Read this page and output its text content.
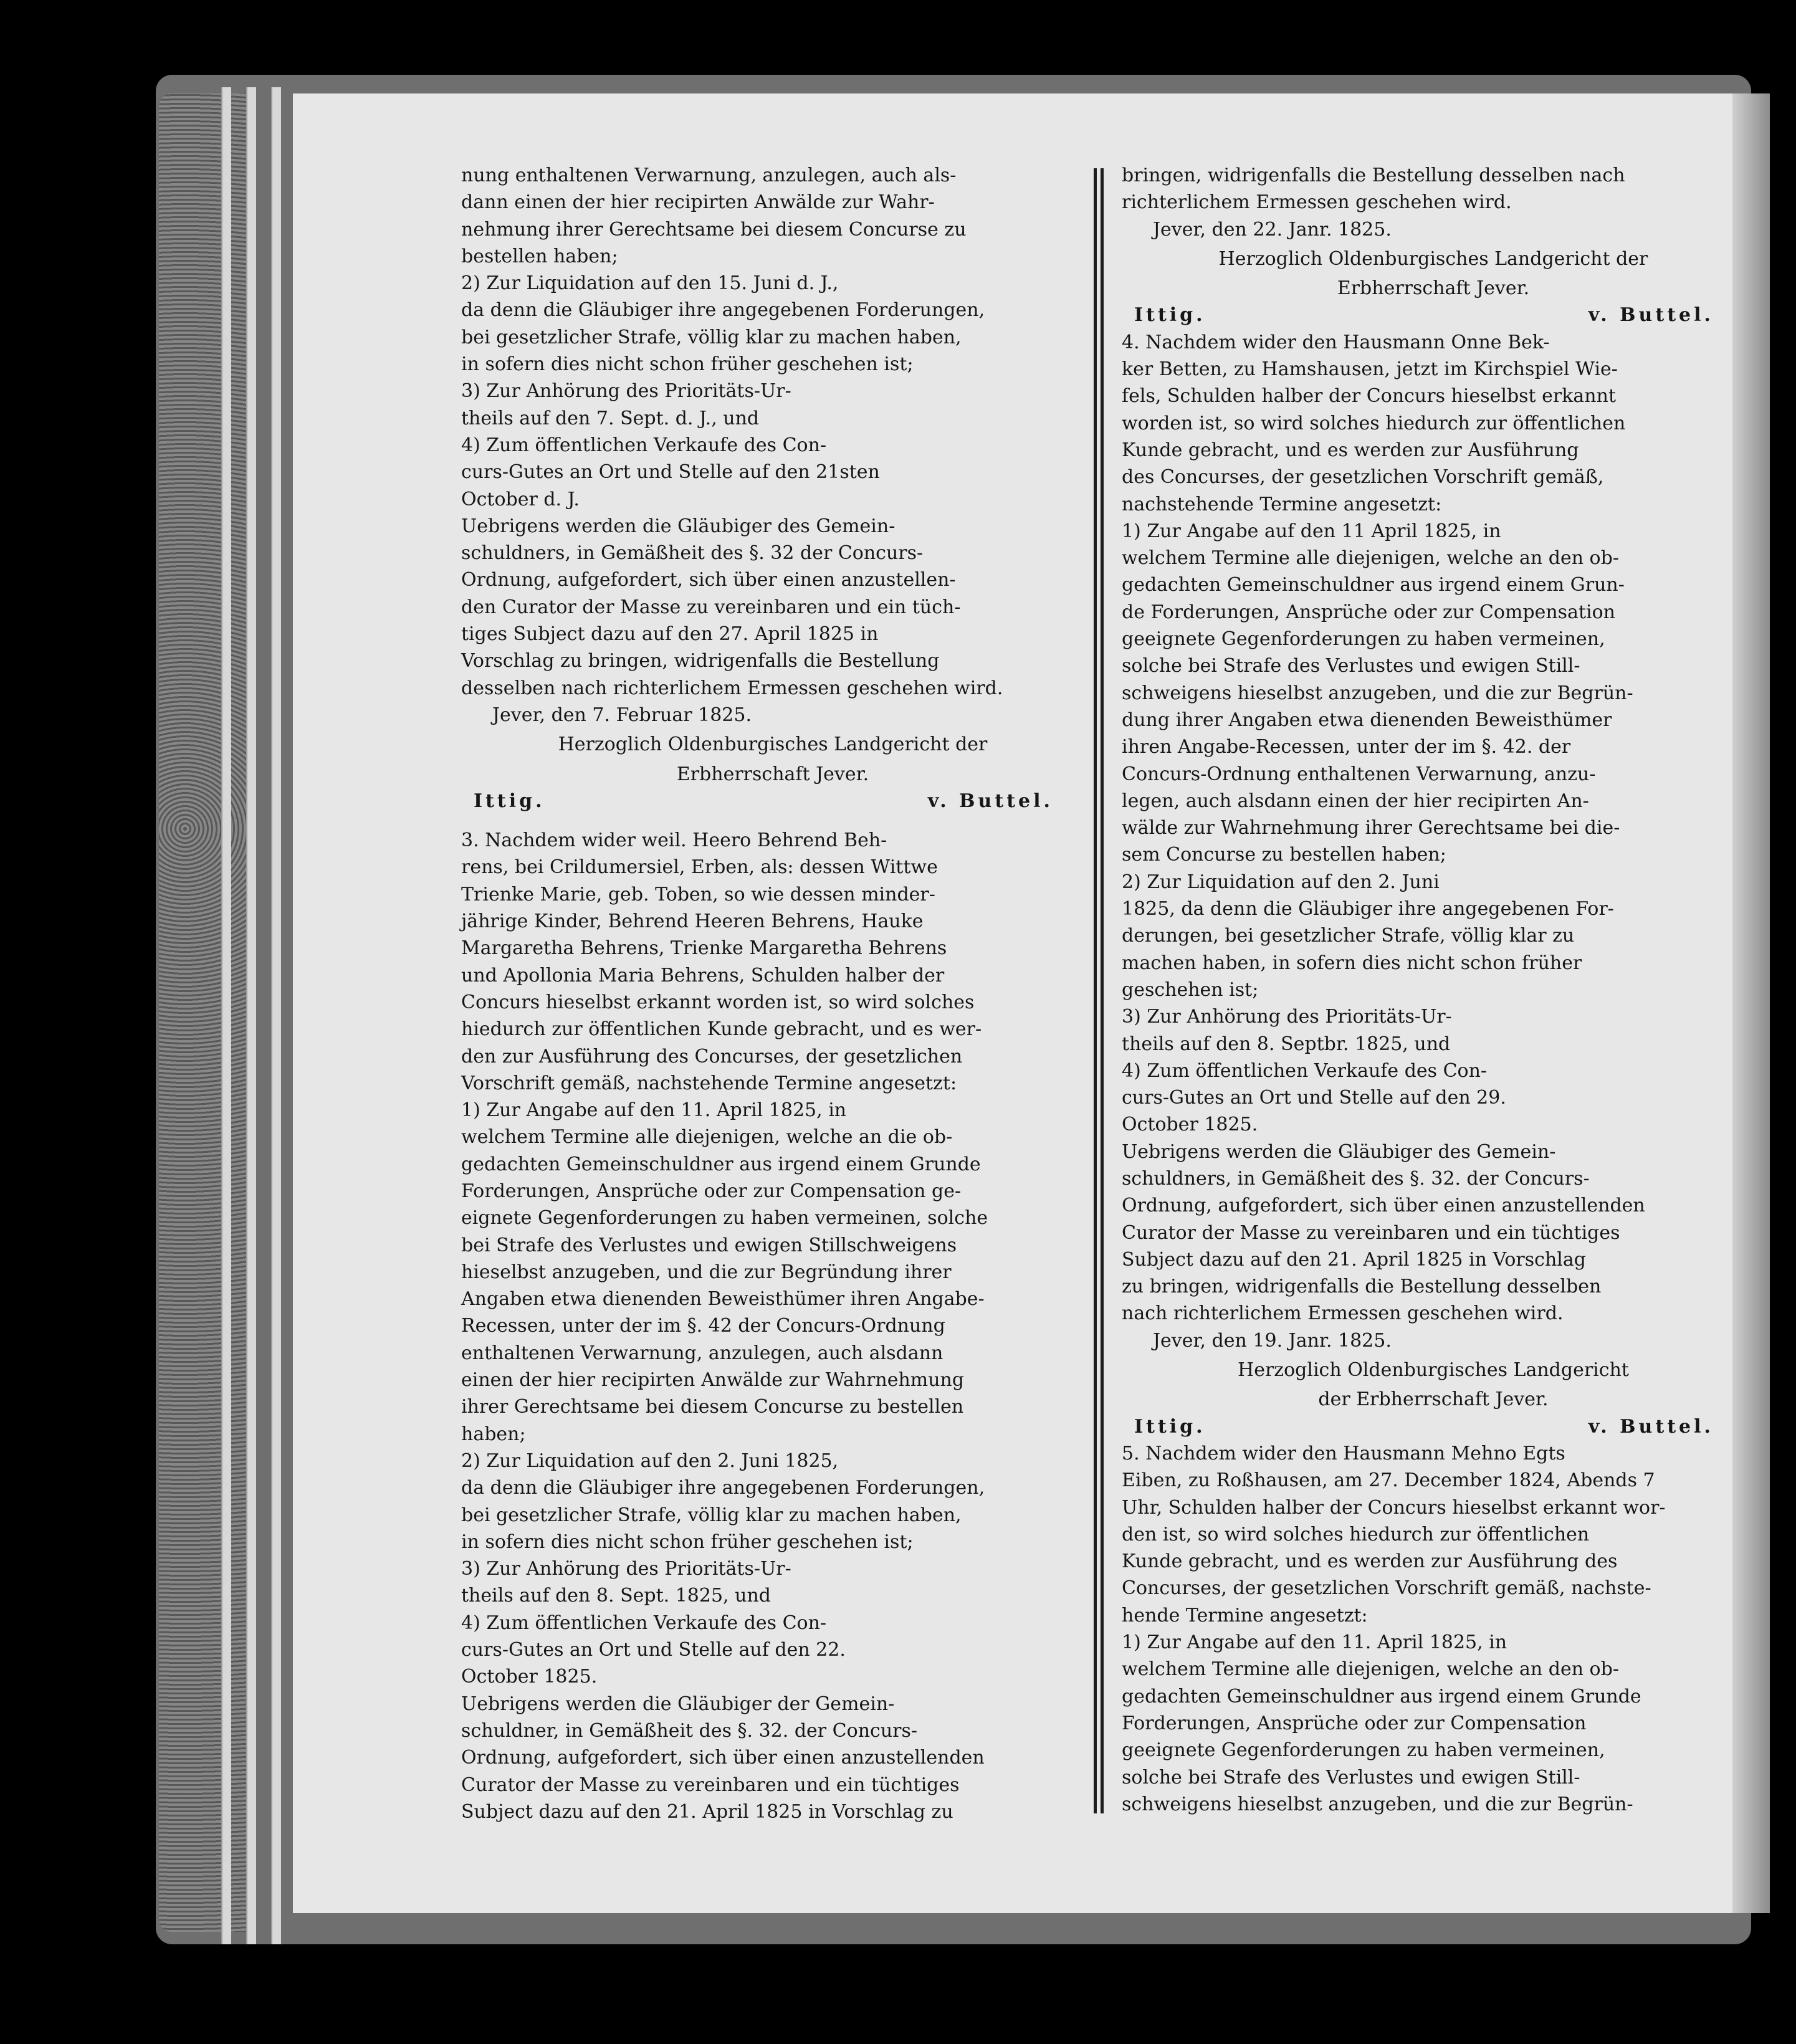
nung enthaltenen Verwarnung, anzulegen, auch als-

dann einen der hier recipirten Anwälde zur Wahr-

nehmung ihrer Gerechtsame bei diesem Concurse zu

bestellen haben;

2) Zur Liquidation auf den 15. Juni d. J.,

da denn die Gläubiger ihre angegebenen Forderungen,

bei gesetzlicher Strafe, völlig klar zu machen haben,

in sofern dies nicht schon früher geschehen ist;

3) Zur Anhörung des Prioritäts-Ur-

theils auf den 7. Sept. d. J., und

4) Zum öffentlichen Verkaufe des Con-

curs-Gutes an Ort und Stelle auf den 21sten

October d. J.

Uebrigens werden die Gläubiger des Gemein-

schuldners, in Gemäßheit des §. 32 der Concurs-

Ordnung, aufgefordert, sich über einen anzustellen-

den Curator der Masse zu vereinbaren und ein tüch-

tiges Subject dazu auf den 27. April 1825 in

Vorschlag zu bringen, widrigenfalls die Bestellung

desselben nach richterlichem Ermessen geschehen wird.

Jever, den 7. Februar 1825.

Herzoglich Oldenburgisches Landgericht der

Erbherrschaft Jever.

Ittig.	v. Buttel.

3. Nachdem wider weil. Heero Behrend Beh-

rens, bei Crildumersiel, Erben, als: dessen Wittwe

Trienke Marie, geb. Toben, so wie dessen minder-

jährige Kinder, Behrend Heeren Behrens, Hauke

Margaretha Behrens, Trienke Margaretha Behrens

und Apollonia Maria Behrens, Schulden halber der

Concurs hieselbst erkannt worden ist, so wird solches

hiedurch zur öffentlichen Kunde gebracht, und es wer-

den zur Ausführung des Concurses, der gesetzlichen

Vorschrift gemäß, nachstehende Termine angesetzt:

1) Zur Angabe auf den 11. April 1825, in

welchem Termine alle diejenigen, welche an die ob-

gedachten Gemeinschuldner aus irgend einem Grunde

Forderungen, Ansprüche oder zur Compensation ge-

eignete Gegenforderungen zu haben vermeinen, solche

bei Strafe des Verlustes und ewigen Stillschweigens

hieselbst anzugeben, und die zur Begründung ihrer

Angaben etwa dienenden Beweisthümer ihren Angabe-

Recessen, unter der im §. 42 der Concurs-Ordnung

enthaltenen Verwarnung, anzulegen, auch alsdann

einen der hier recipirten Anwälde zur Wahrnehmung

ihrer Gerechtsame bei diesem Concurse zu bestellen

haben;

2) Zur Liquidation auf den 2. Juni 1825,

da denn die Gläubiger ihre angegebenen Forderungen,

bei gesetzlicher Strafe, völlig klar zu machen haben,

in sofern dies nicht schon früher geschehen ist;

3) Zur Anhörung des Prioritäts-Ur-

theils auf den 8. Sept. 1825, und

4) Zum öffentlichen Verkaufe des Con-

curs-Gutes an Ort und Stelle auf den 22.

October 1825.

Uebrigens werden die Gläubiger der Gemein-

schuldner, in Gemäßheit des §. 32. der Concurs-

Ordnung, aufgefordert, sich über einen anzustellenden

Curator der Masse zu vereinbaren und ein tüchtiges

Subject dazu auf den 21. April 1825 in Vorschlag zu

bringen, widrigenfalls die Bestellung desselben nach

richterlichem Ermessen geschehen wird.

Jever, den 22. Janr. 1825.

Herzoglich Oldenburgisches Landgericht der

Erbherrschaft Jever.

Ittig.	v. Buttel.

4. Nachdem wider den Hausmann Onne Bek-

ker Betten, zu Hamshausen, jetzt im Kirchspiel Wie-

fels, Schulden halber der Concurs hieselbst erkannt

worden ist, so wird solches hiedurch zur öffentlichen

Kunde gebracht, und es werden zur Ausführung

des Concurses, der gesetzlichen Vorschrift gemäß,

nachstehende Termine angesetzt:

1) Zur Angabe auf den 11 April 1825, in

welchem Termine alle diejenigen, welche an den ob-

gedachten Gemeinschuldner aus irgend einem Grun-

de Forderungen, Ansprüche oder zur Compensation

geeignete Gegenforderungen zu haben vermeinen,

solche bei Strafe des Verlustes und ewigen Still-

schweigens hieselbst anzugeben, und die zur Begrün-

dung ihrer Angaben etwa dienenden Beweisthümer

ihren Angabe-Recessen, unter der im §. 42. der

Concurs-Ordnung enthaltenen Verwarnung, anzu-

legen, auch alsdann einen der hier recipirten An-

wälde zur Wahrnehmung ihrer Gerechtsame bei die-

sem Concurse zu bestellen haben;

2) Zur Liquidation auf den 2. Juni

1825, da denn die Gläubiger ihre angegebenen For-

derungen, bei gesetzlicher Strafe, völlig klar zu

machen haben, in sofern dies nicht schon früher

geschehen ist;

3) Zur Anhörung des Prioritäts-Ur-

theils auf den 8. Septbr. 1825, und

4) Zum öffentlichen Verkaufe des Con-

curs-Gutes an Ort und Stelle auf den 29.

October 1825.

Uebrigens werden die Gläubiger des Gemein-

schuldners, in Gemäßheit des §. 32. der Concurs-

Ordnung, aufgefordert, sich über einen anzustellenden

Curator der Masse zu vereinbaren und ein tüchtiges

Subject dazu auf den 21. April 1825 in Vorschlag

zu bringen, widrigenfalls die Bestellung desselben

nach richterlichem Ermessen geschehen wird.

Jever, den 19. Janr. 1825.

Herzoglich Oldenburgisches Landgericht

der Erbherrschaft Jever.

Ittig.	v. Buttel.

5. Nachdem wider den Hausmann Mehno Egts

Eiben, zu Roßhausen, am 27. December 1824, Abends 7

Uhr, Schulden halber der Concurs hieselbst erkannt wor-

den ist, so wird solches hiedurch zur öffentlichen

Kunde gebracht, und es werden zur Ausführung des

Concurses, der gesetzlichen Vorschrift gemäß, nachste-

hende Termine angesetzt:

1) Zur Angabe auf den 11. April 1825, in

welchem Termine alle diejenigen, welche an den ob-

gedachten Gemeinschuldner aus irgend einem Grunde

Forderungen, Ansprüche oder zur Compensation

geeignete Gegenforderungen zu haben vermeinen,

solche bei Strafe des Verlustes und ewigen Still-

schweigens hieselbst anzugeben, und die zur Begrün-
